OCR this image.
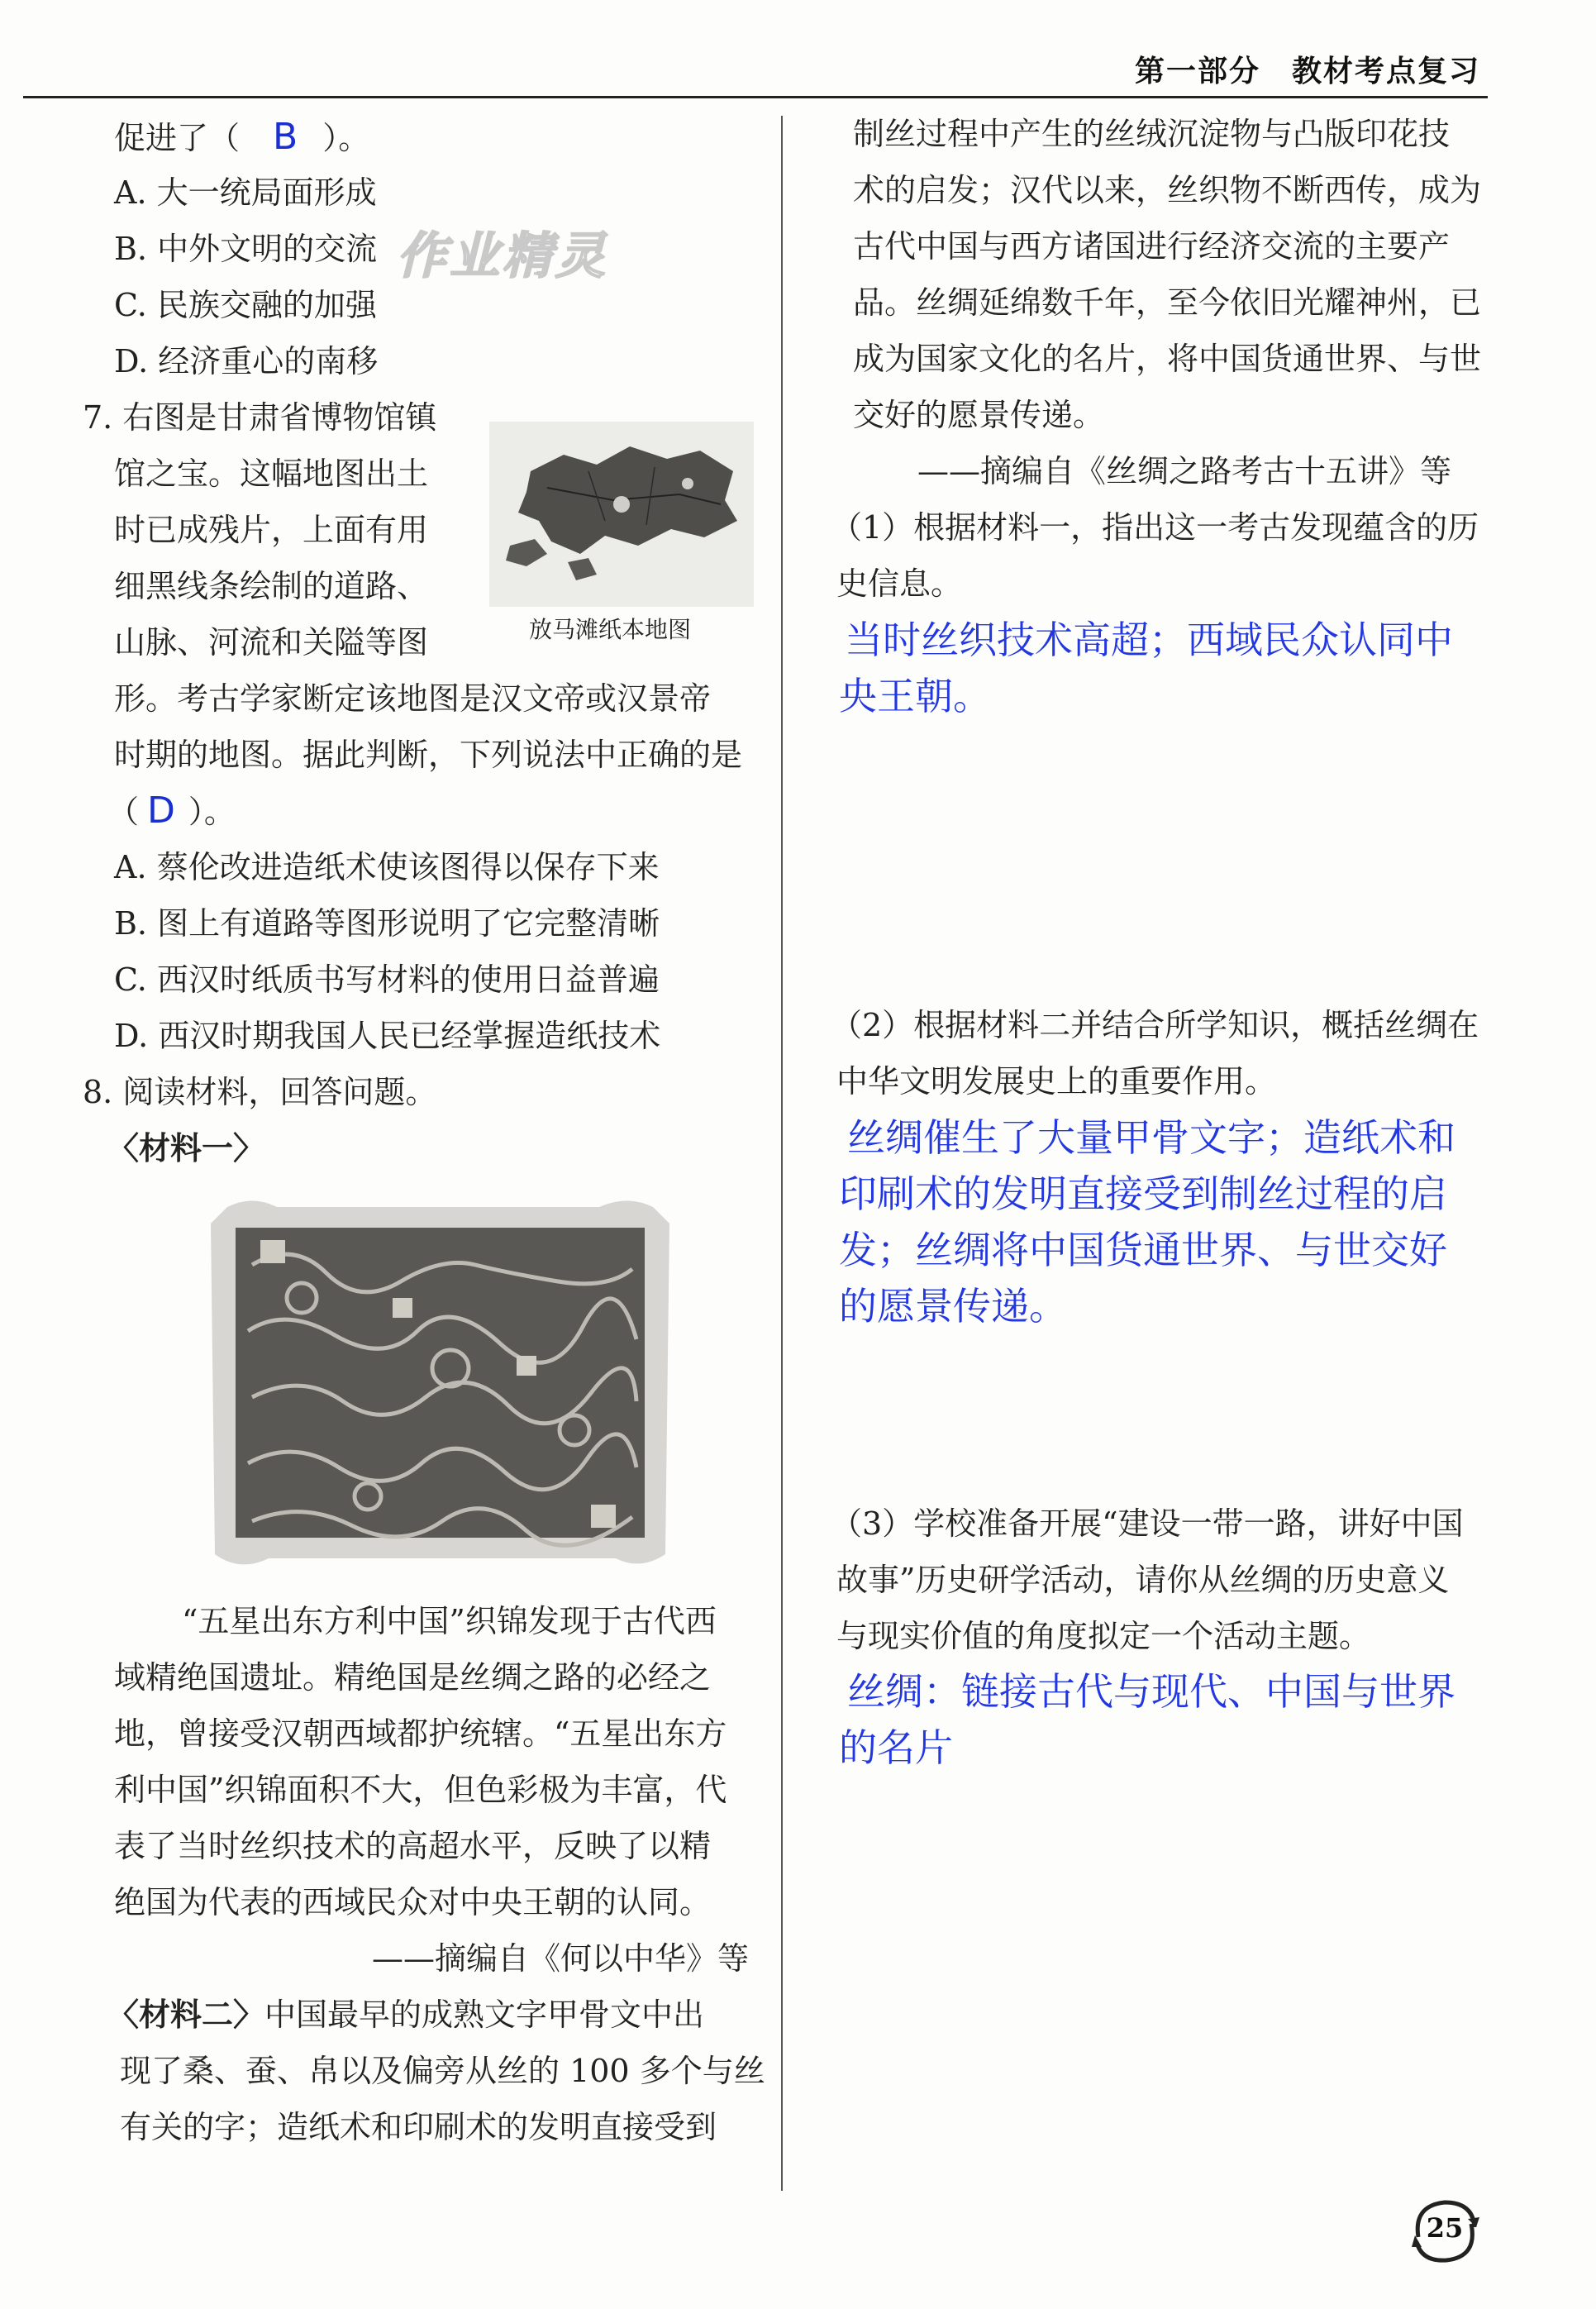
第一部分　教材考点复习
促进了（ B ）。
A. 大一统局面形成
B. 中外文明的交流 作业精灵
C. 民族交融的加强
D. 经济重心的南移
7. 右图是甘肃省博物馆镇
馆之宝。这幅地图出土
时已成残片，上面有用
细黑线条绘制的道路、
山脉、河流和关隘等图
形。考古学家断定该地图是汉文帝或汉景帝
时期的地图。据此判断，下列说法中正确的是
（ D ）。
放马滩纸本地图
A. 蔡伦改进造纸术使该图得以保存下来
B. 图上有道路等图形说明了它完整清晰
C. 西汉时纸质书写材料的使用日益普遍
D. 西汉时期我国人民已经掌握造纸技术
8. 阅读材料，回答问题。
〈材料一〉
“五星出东方利中国”织锦发现于古代西
域精绝国遗址。精绝国是丝绸之路的必经之
地，曾接受汉朝西域都护统辖。“五星出东方
利中国”织锦面积不大，但色彩极为丰富，代
表了当时丝织技术的高超水平，反映了以精
绝国为代表的西域民众对中央王朝的认同。
——摘编自《何以中华》等
〈材料二〉中国最早的成熟文字甲骨文中出
现了桑、蚕、帛以及偏旁从丝的 100 多个与丝
有关的字；造纸术和印刷术的发明直接受到
制丝过程中产生的丝绒沉淀物与凸版印花技
术的启发；汉代以来，丝织物不断西传，成为
古代中国与西方诸国进行经济交流的主要产
品。丝绸延绵数千年，至今依旧光耀神州，已
成为国家文化的名片，将中国货通世界、与世
交好的愿景传递。
——摘编自《丝绸之路考古十五讲》等
（1）根据材料一，指出这一考古发现蕴含的历
史信息。
当时丝织技术高超；西域民众认同中
央王朝。
（2）根据材料二并结合所学知识，概括丝绸在
中华文明发展史上的重要作用。
丝绸催生了大量甲骨文字；造纸术和
印刷术的发明直接受到制丝过程的启
发；丝绸将中国货通世界、与世交好
的愿景传递。
（3）学校准备开展“建设一带一路，讲好中国
故事”历史研学活动，请你从丝绸的历史意义
与现实价值的角度拟定一个活动主题。
丝绸：链接古代与现代、中国与世界
的名片
25
